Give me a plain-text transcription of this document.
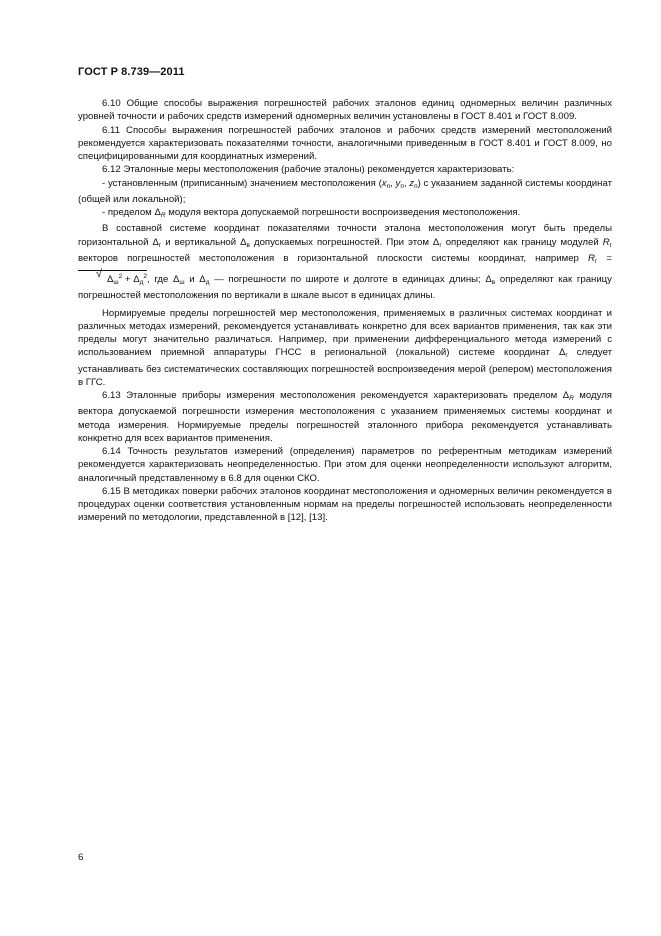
ГОСТ Р 8.739—2011

6.10 Общие способы выражения погрешностей рабочих эталонов единиц одномерных величин различных уровней точности и рабочих средств измерений одномерных величин установлены в ГОСТ 8.401 и ГОСТ 8.009.

6.11 Способы выражения погрешностей рабочих эталонов и рабочих средств измерений местоположений рекомендуется характеризовать показателями точности, аналогичными приведенным в ГОСТ 8.401 и ГОСТ 8.009, но специфицированными для координатных измерений.

6.12 Эталонные меры местоположения (рабочие эталоны) рекомендуется характеризовать:

- установленным (приписанным) значением местоположения ($x_п$, $y_п$, $z_п$) с указанием заданной системы координат (общей или локальной);

- пределом $\Delta_R$ модуля вектора допускаемой погрешности воспроизведения местоположения.

В составной системе координат показателями точности эталона местоположения могут быть пределы горизонтальной $\Delta_г$ и вертикальной $\Delta_в$ допускаемых погрешностей. При этом $\Delta_г$ определяют как границу модулей $R_г$ векторов погрешностей местоположения в горизонтальной плоскости системы координат, например $R_г$ = √ $\Delta_ш^2 + \Delta_д^2$, где $\Delta_ш$ и $\Delta_д$ — погрешности по широте и долготе в единицах длины; $\Delta_в$ определяют как границу погрешностей местоположения по вертикали в шкале высот в единицах длины.

Нормируемые пределы погрешностей мер местоположения, применяемых в различных системах координат и различных методах измерений, рекомендуется устанавливать конкретно для всех вариантов применения, так как эти пределы могут значительно различаться. Например, при применении дифференциального метода измерений с использованием приемной аппаратуры ГНСС в региональной (локальной) системе координат $\Delta_г$ следует устанавливать без систематических составляющих погрешностей воспроизведения мерой (репером) местоположения в ГГС.

6.13 Эталонные приборы измерения местоположения рекомендуется характеризовать пределом $\Delta_R$ модуля вектора допускаемой погрешности измерения местоположения с указанием применяемых системы координат и метода измерения. Нормируемые пределы погрешностей эталонного прибора рекомендуется устанавливать конкретно для всех вариантов применения.

6.14 Точность результатов измерений (определения) параметров по референтным методикам измерений рекомендуется характеризовать неопределенностью. При этом для оценки неопределенности используют алгоритм, аналогичный представленному в 6.8 для оценки СКО.

6.15 В методиках поверки рабочих эталонов координат местоположения и одномерных величин рекомендуется в процедурах оценки соответствия установленным нормам на пределы погрешностей использовать неопределенности измерений по методологии, представленной в [12], [13].

6
